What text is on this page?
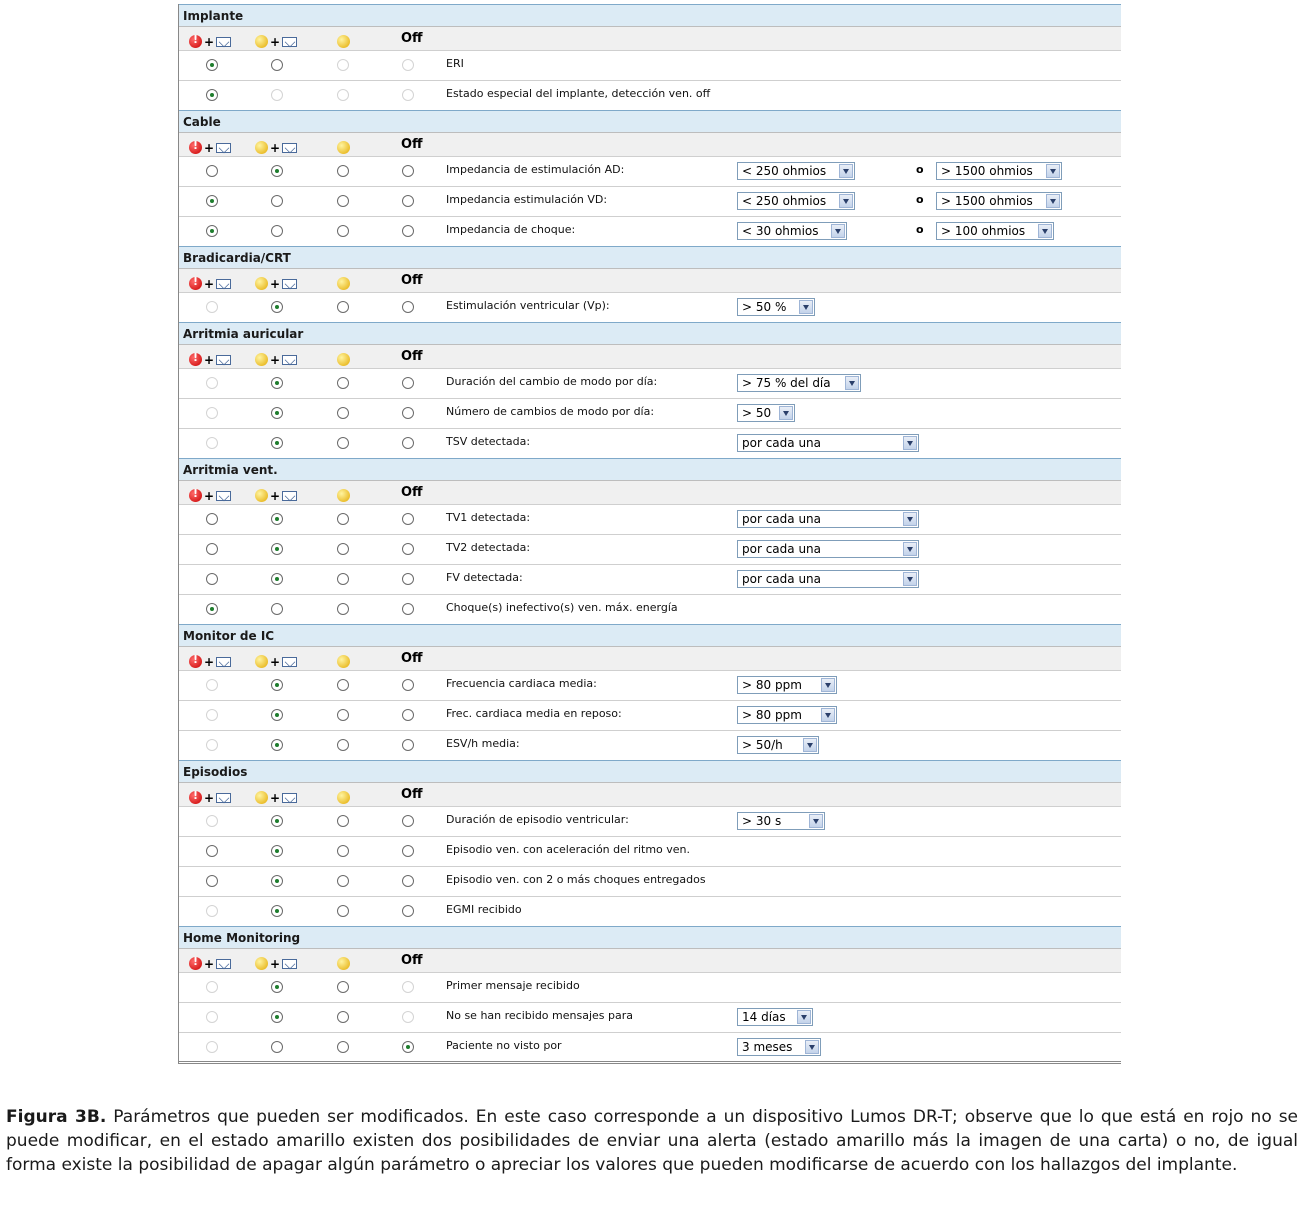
Implante
!+	+	Off
ERI
Estado especial del implante, detección ven. off
Cable
!+	+	Off
Impedancia de estimulación AD:	< 250 ohmios	o	> 1500 ohmios
Impedancia estimulación VD:	< 250 ohmios	o	> 1500 ohmios
Impedancia de choque:	< 30 ohmios	o	> 100 ohmios
Bradicardia/CRT
!+	+	Off
Estimulación ventricular (Vp):	> 50 %
Arritmia auricular
!+	+	Off
Duración del cambio de modo por día:	> 75 % del día
Número de cambios de modo por día:	> 50
TSV detectada:	por cada una
Arritmia vent.
!+	+	Off
TV1 detectada:	por cada una
TV2 detectada:	por cada una
FV detectada:	por cada una
Choque(s) inefectivo(s) ven. máx. energía
Monitor de IC
!+	+	Off
Frecuencia cardiaca media:	> 80 ppm
Frec. cardiaca media en reposo:	> 80 ppm
ESV/h media:	> 50/h
Episodios
!+	+	Off
Duración de episodio ventricular:	> 30 s
Episodio ven. con aceleración del ritmo ven.
Episodio ven. con 2 o más choques entregados
EGMI recibido
Home Monitoring
!+	+	Off
Primer mensaje recibido
No se han recibido mensajes para	14 días
Paciente no visto por	3 meses
Figura 3B. Parámetros que pueden ser modificados. En este caso corresponde a un dispositivo Lumos DR-T; observe que lo que está en rojo no se puede modificar, en el estado amarillo existen dos posibilidades de enviar una alerta (estado amarillo más la imagen de una carta) o no, de igual forma existe la posibilidad de apagar algún parámetro o apreciar los valores que pueden modificarse de acuerdo con los hallazgos del implante.
